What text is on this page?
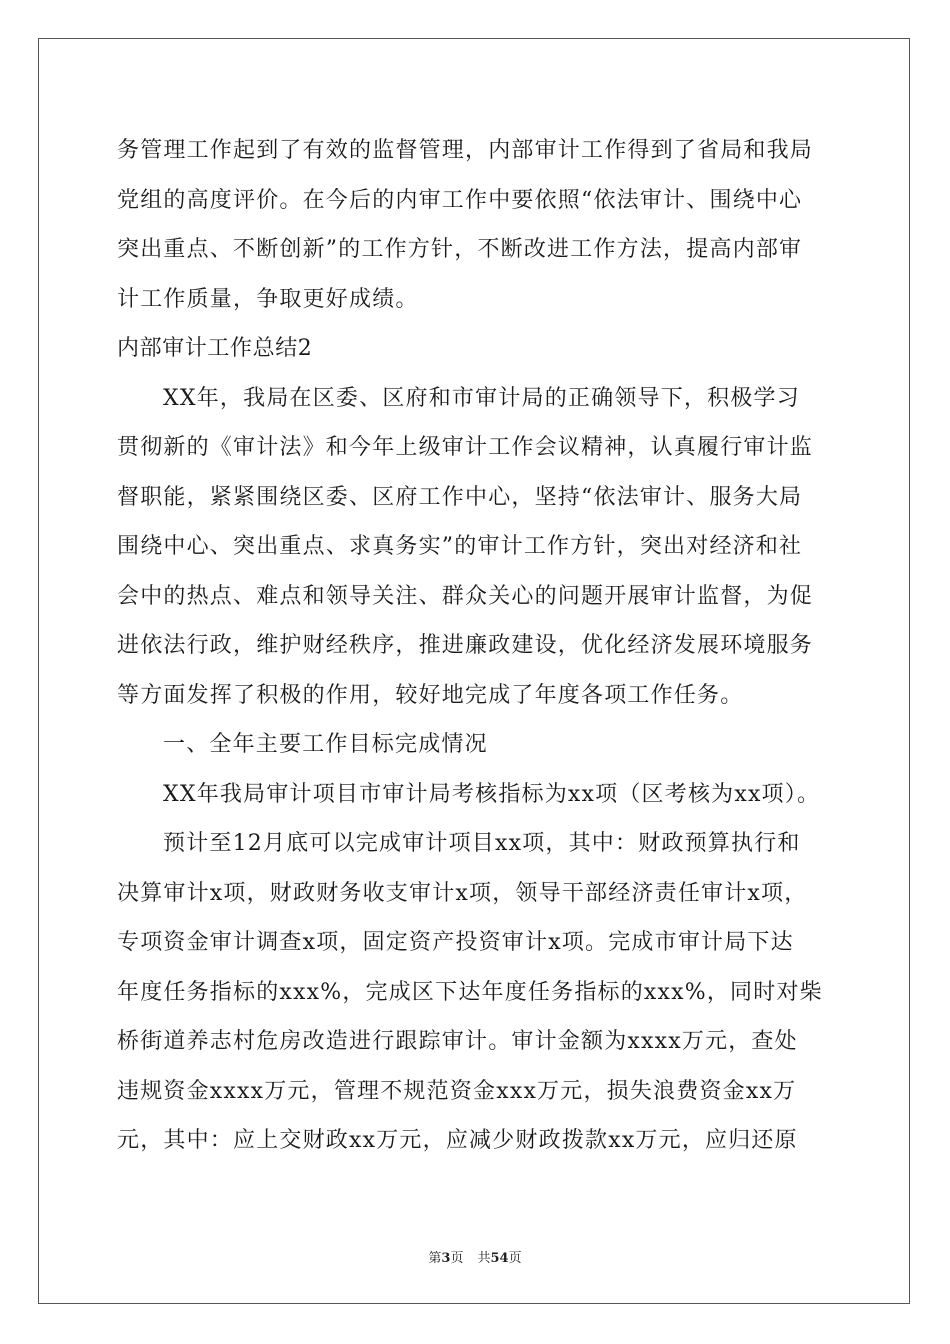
务管理工作起到了有效的监督管理，内部审计工作得到了省局和我局
党组的高度评价。在今后的内审工作中要依照“依法审计、围绕中心
突出重点、不断创新”的工作方针，不断改进工作方法，提高内部审
计工作质量，争取更好成绩。
内部审计工作总结2
XX年，我局在区委、区府和市审计局的正确领导下，积极学习
贯彻新的《审计法》和今年上级审计工作会议精神，认真履行审计监
督职能，紧紧围绕区委、区府工作中心，坚持“依法审计、服务大局
围绕中心、突出重点、求真务实”的审计工作方针，突出对经济和社
会中的热点、难点和领导关注、群众关心的问题开展审计监督，为促
进依法行政，维护财经秩序，推进廉政建设，优化经济发展环境服务
等方面发挥了积极的作用，较好地完成了年度各项工作任务。
一、全年主要工作目标完成情况
XX年我局审计项目市审计局考核指标为xx项（区考核为xx项）。
预计至12月底可以完成审计项目xx项，其中：财政预算执行和
决算审计x项，财政财务收支审计x项，领导干部经济责任审计x项，
专项资金审计调查x项，固定资产投资审计x项。完成市审计局下达
年度任务指标的xxx%，完成区下达年度任务指标的xxx%，同时对柴
桥街道养志村危房改造进行跟踪审计。审计金额为xxxx万元，查处
违规资金xxxx万元，管理不规范资金xxx万元，损失浪费资金xx万
元，其中：应上交财政xx万元，应减少财政拨款xx万元，应归还原
第3页 共54页
